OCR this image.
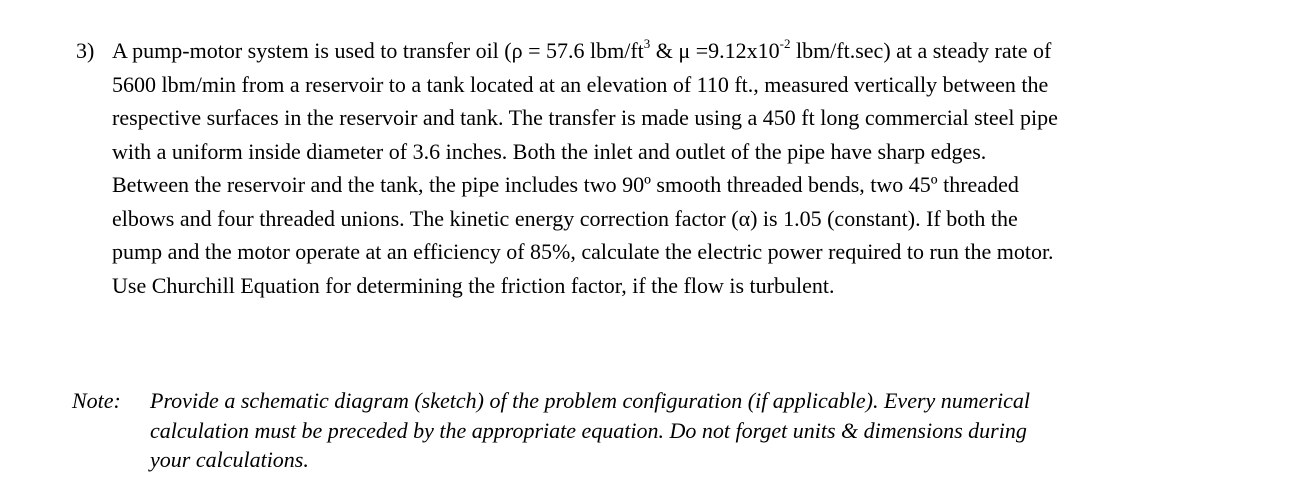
3) A pump-motor system is used to transfer oil (ρ = 57.6 lbm/$ft^3$ & $\mu =9.12x10^{-2}$ lbm/ft.sec) at a steady rate of
5600 lbm/min from a reservoir to a tank located at an elevation of 110 ft., measured vertically between the
respective surfaces in the reservoir and tank. The transfer is made using a 450 ft long commercial steel pipe
with a uniform inside diameter of 3.6 inches. Both the inlet and outlet of the pipe have sharp edges.
Between the reservoir and the tank, the pipe includes two 90º smooth threaded bends, two 45º threaded
elbows and four threaded unions. The kinetic energy correction factor (α) is 1.05 (constant). If both the
pump and the motor operate at an efficiency of 85%, calculate the electric power required to run the motor.
Use Churchill Equation for determining the friction factor, if the flow is turbulent.
Note: Provide a schematic diagram (sketch) of the problem configuration (if applicable). Every numerical
calculation must be preceded by the appropriate equation. Do not forget units & dimensions during
your calculations.
